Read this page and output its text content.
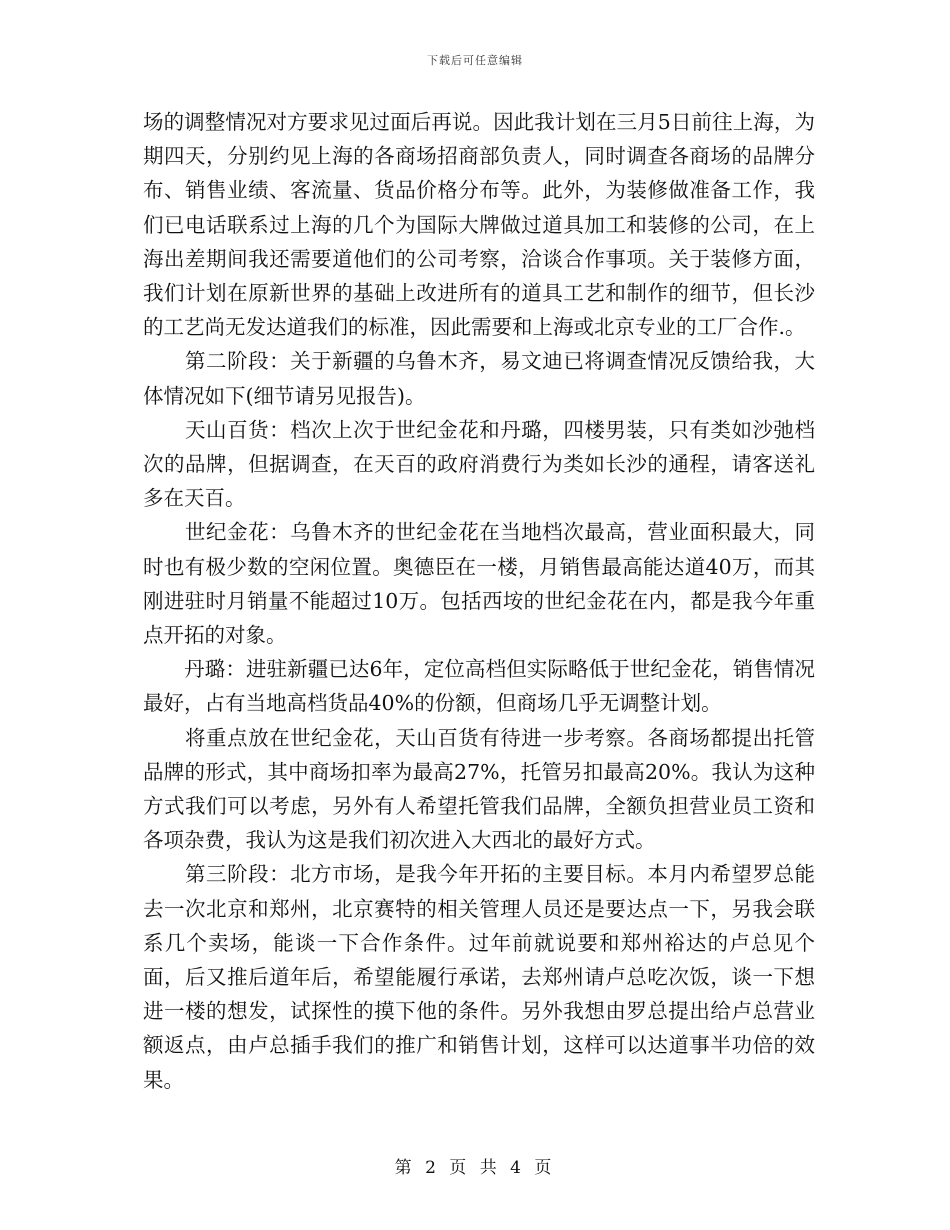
下载后可任意编辑

场的调整情况对方要求见过面后再说。因此我计划在三月5日前往上海，为期四天，分别约见上海的各商场招商部负责人，同时调查各商场的品牌分布、销售业绩、客流量、货品价格分布等。此外，为装修做准备工作，我们已电话联系过上海的几个为国际大牌做过道具加工和装修的公司，在上海出差期间我还需要道他们的公司考察，洽谈合作事项。关于装修方面，我们计划在原新世界的基础上改进所有的道具工艺和制作的细节，但长沙的工艺尚无发达道我们的标准，因此需要和上海或北京专业的工厂合作.。

　　第二阶段：关于新疆的乌鲁木齐，易文迪已将调查情况反馈给我，大体情况如下(细节请另见报告)。

　　天山百货：档次上次于世纪金花和丹璐，四楼男装，只有类如沙弛档次的品牌，但据调查，在天百的政府消费行为类如长沙的通程，请客送礼多在天百。

　　世纪金花：乌鲁木齐的世纪金花在当地档次最高，营业面积最大，同时也有极少数的空闲位置。奥德臣在一楼，月销售最高能达道40万，而其刚进驻时月销量不能超过10万。包括西垵的世纪金花在内，都是我今年重点开拓的对象。

　　丹璐：进驻新疆已达6年，定位高档但实际略低于世纪金花，销售情况最好，占有当地高档货品40%的份额，但商场几乎无调整计划。

　　将重点放在世纪金花，天山百货有待进一步考察。各商场都提出托管品牌的形式，其中商场扣率为最高27%，托管另扣最高20%。我认为这种方式我们可以考虑，另外有人希望托管我们品牌，全额负担营业员工资和各项杂费，我认为这是我们初次进入大西北的最好方式。

　　第三阶段：北方市场，是我今年开拓的主要目标。本月内希望罗总能去一次北京和郑州，北京赛特的相关管理人员还是要达点一下，另我会联系几个卖场，能谈一下合作条件。过年前就说要和郑州裕达的卢总见个面，后又推后道年后，希望能履行承诺，去郑州请卢总吃次饭，谈一下想进一楼的想发，试探性的摸下他的条件。另外我想由罗总提出给卢总营业额返点，由卢总插手我们的推广和销售计划，这样可以达道事半功倍的效果。

第 2 页 共 4 页
